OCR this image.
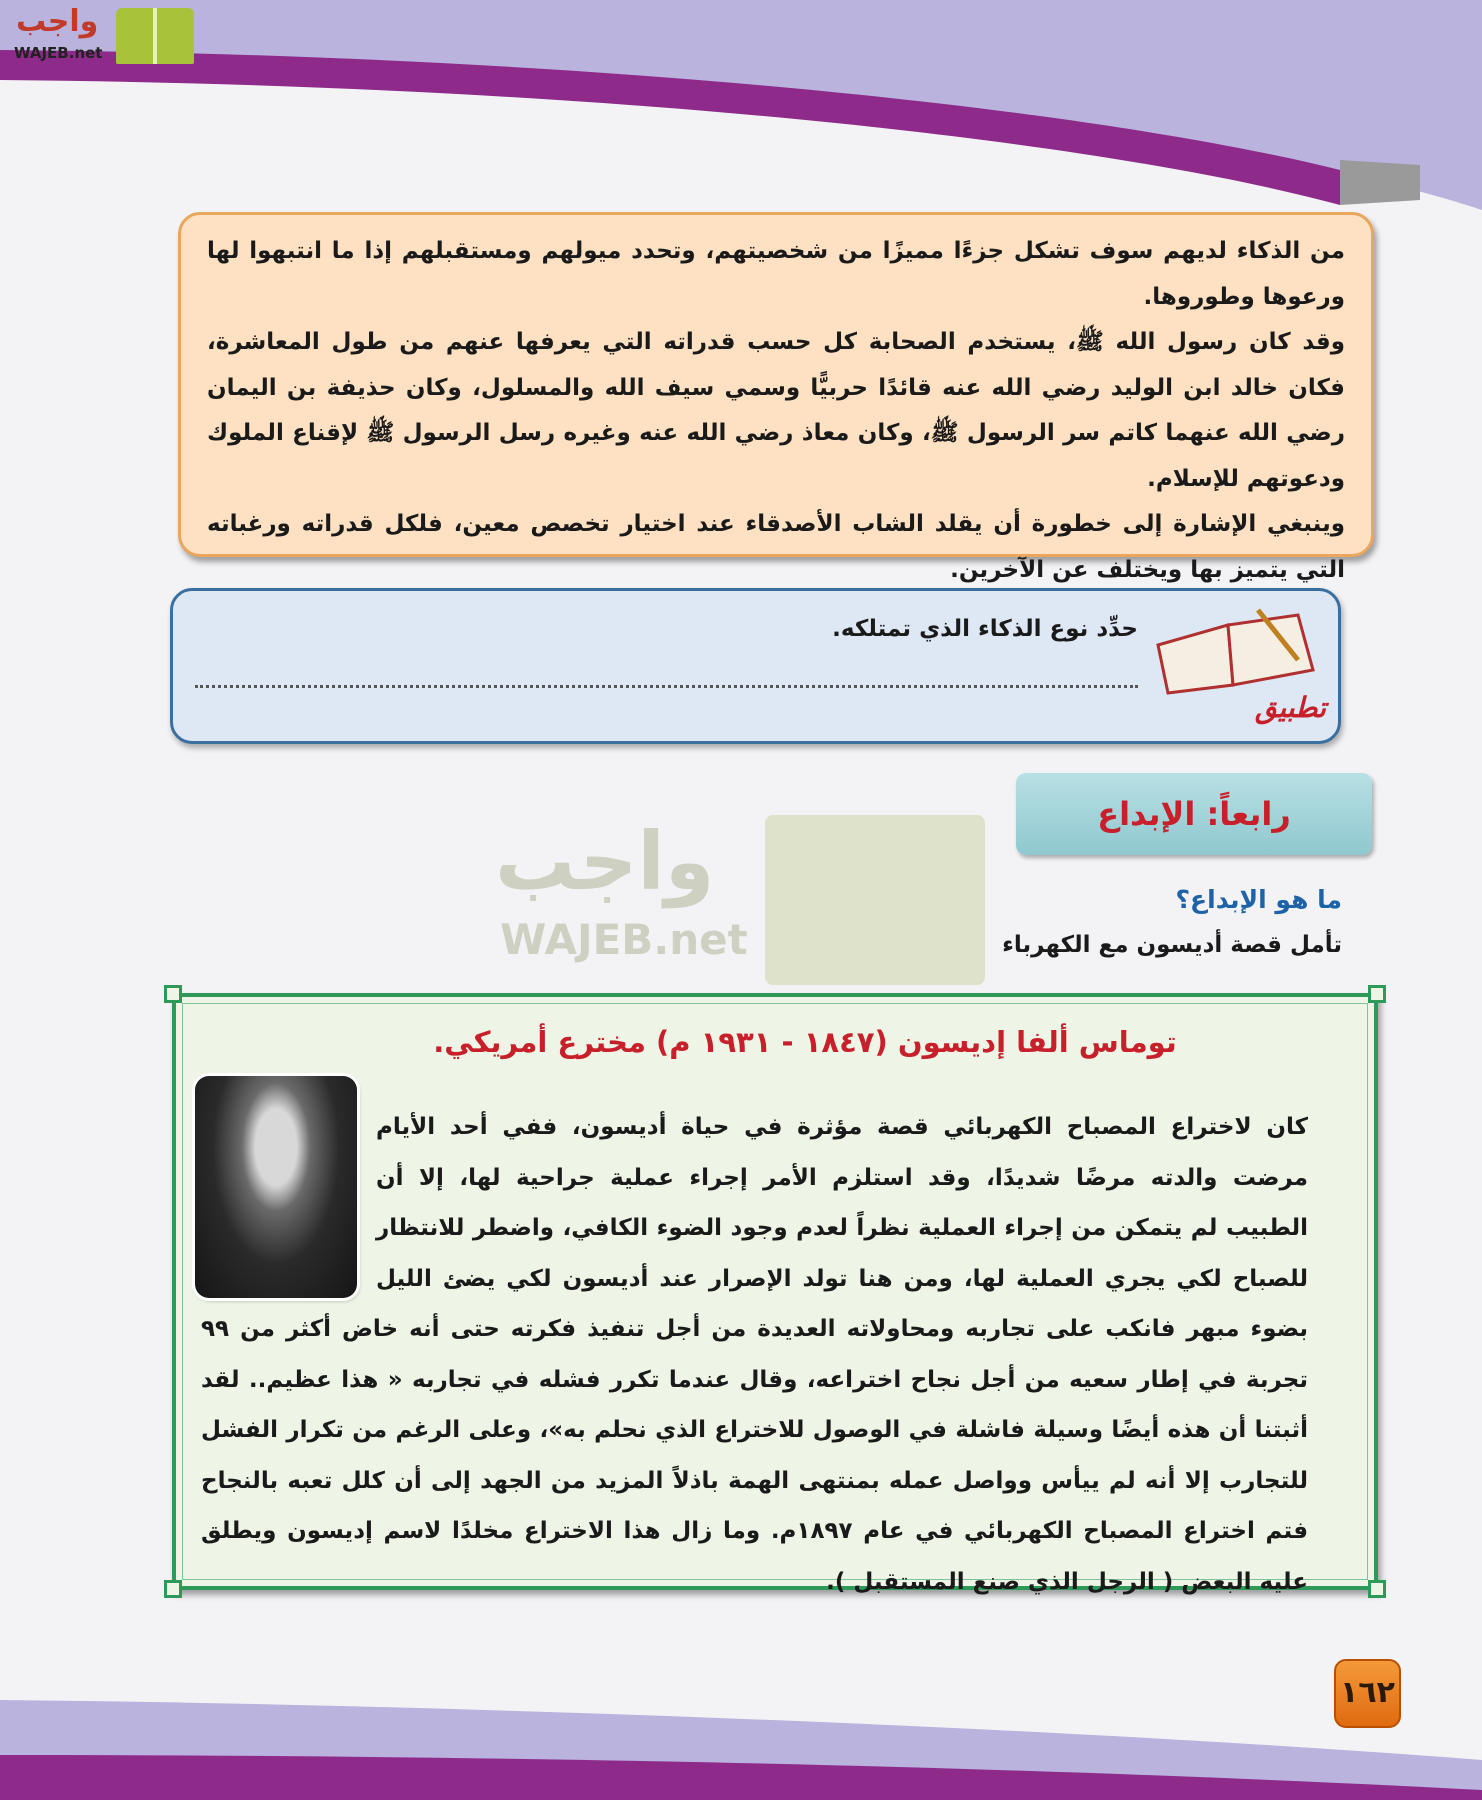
من الذكاء لديهم سوف تشكل جزءًا مميزًا من شخصيتهم، وتحدد ميولهم ومستقبلهم إذا ما انتبهوا لها ورعوها وطوروها.

وقد كان رسول الله ﷺ، يستخدم الصحابة كل حسب قدراته التي يعرفها عنهم من طول المعاشرة، فكان خالد ابن الوليد رضي الله عنه قائدًا حربيًّا وسمي سيف الله والمسلول، وكان حذيفة بن اليمان رضي الله عنهما كاتم سر الرسول ﷺ، وكان معاذ رضي الله عنه وغيره رسل الرسول ﷺ لإقناع الملوك ودعوتهم للإسلام.

وينبغي الإشارة إلى خطورة أن يقلد الشاب الأصدقاء عند اختيار تخصص معين، فلكل قدراته ورغباته التي يتميز بها ويختلف عن الآخرين.

تطبيق
حدِّد نوع الذكاء الذي تمتلكه.
رابعاً: الإبداع
ما هو الإبداع؟
تأمل قصة أديسون مع الكهرباء
واجب
WAJEB.net
توماس ألفا إديسون (١٨٤٧ - ١٩٣١ م) مخترع أمريكي.

كان لاختراع المصباح الكهربائي قصة مؤثرة في حياة أديسون، ففي أحد الأيام مرضت والدته مرضًا شديدًا، وقد استلزم الأمر إجراء عملية جراحية لها، إلا أن الطبيب لم يتمكن من إجراء العملية نظراً لعدم وجود الضوء الكافي، واضطر للانتظار للصباح لكي يجري العملية لها، ومن هنا تولد الإصرار عند أديسون لكي يضئ الليل بضوء مبهر فانكب على تجاربه ومحاولاته العديدة من أجل تنفيذ فكرته حتى أنه خاض أكثر من ٩٩ تجربة في إطار سعيه من أجل نجاح اختراعه، وقال عندما تكرر فشله في تجاربه « هذا عظيم.. لقد أثبتنا أن هذه أيضًا وسيلة فاشلة في الوصول للاختراع الذي نحلم به»، وعلى الرغم من تكرار الفشل للتجارب إلا أنه لم ييأس وواصل عمله بمنتهى الهمة باذلاً المزيد من الجهد إلى أن كلل تعبه بالنجاح فتم اختراع المصباح الكهربائي في عام ١٨٩٧م. وما زال هذا الاختراع مخلدًا لاسم إديسون ويطلق عليه البعض ( الرجل الذي صنع المستقبل ).

١٦٢
واجب
WAJEB.net
